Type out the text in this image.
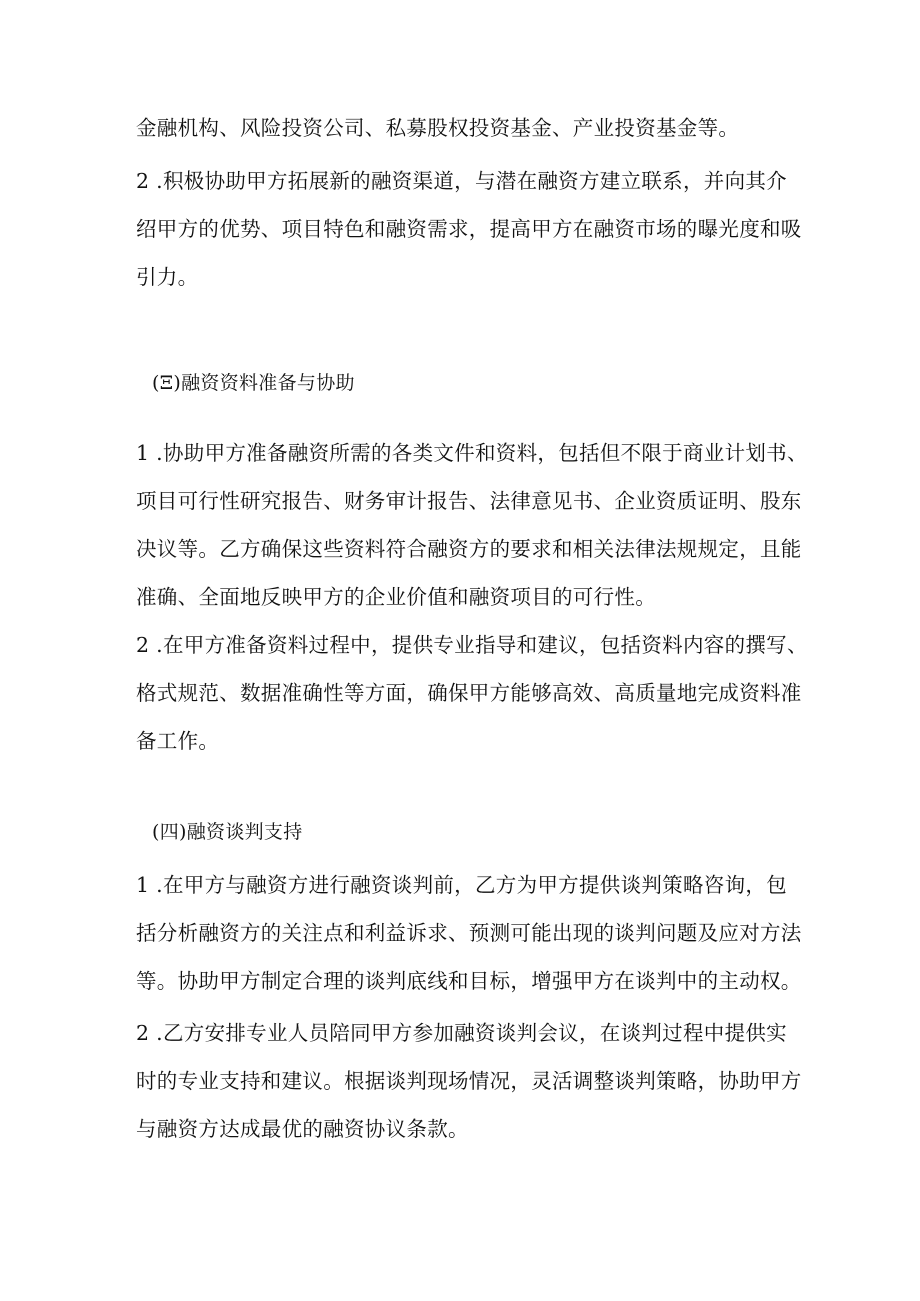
金融机构、风险投资公司、私募股权投资基金、产业投资基金等。
2 .积极协助甲方拓展新的融资渠道，与潜在融资方建立联系，并向其介
绍甲方的优势、项目特色和融资需求，提高甲方在融资市场的曝光度和吸
引力。
(Ξ)融资资料准备与协助
1 .协助甲方准备融资所需的各类文件和资料，包括但不限于商业计划书、
项目可行性研究报告、财务审计报告、法律意见书、企业资质证明、股东
决议等。乙方确保这些资料符合融资方的要求和相关法律法规规定，且能
准确、全面地反映甲方的企业价值和融资项目的可行性。
2 .在甲方准备资料过程中，提供专业指导和建议，包括资料内容的撰写、
格式规范、数据准确性等方面，确保甲方能够高效、高质量地完成资料准
备工作。
(四)融资谈判支持
1 .在甲方与融资方进行融资谈判前，乙方为甲方提供谈判策略咨询，包
括分析融资方的关注点和利益诉求、预测可能出现的谈判问题及应对方法
等。协助甲方制定合理的谈判底线和目标，增强甲方在谈判中的主动权。
2 .乙方安排专业人员陪同甲方参加融资谈判会议，在谈判过程中提供实
时的专业支持和建议。根据谈判现场情况，灵活调整谈判策略，协助甲方
与融资方达成最优的融资协议条款。
